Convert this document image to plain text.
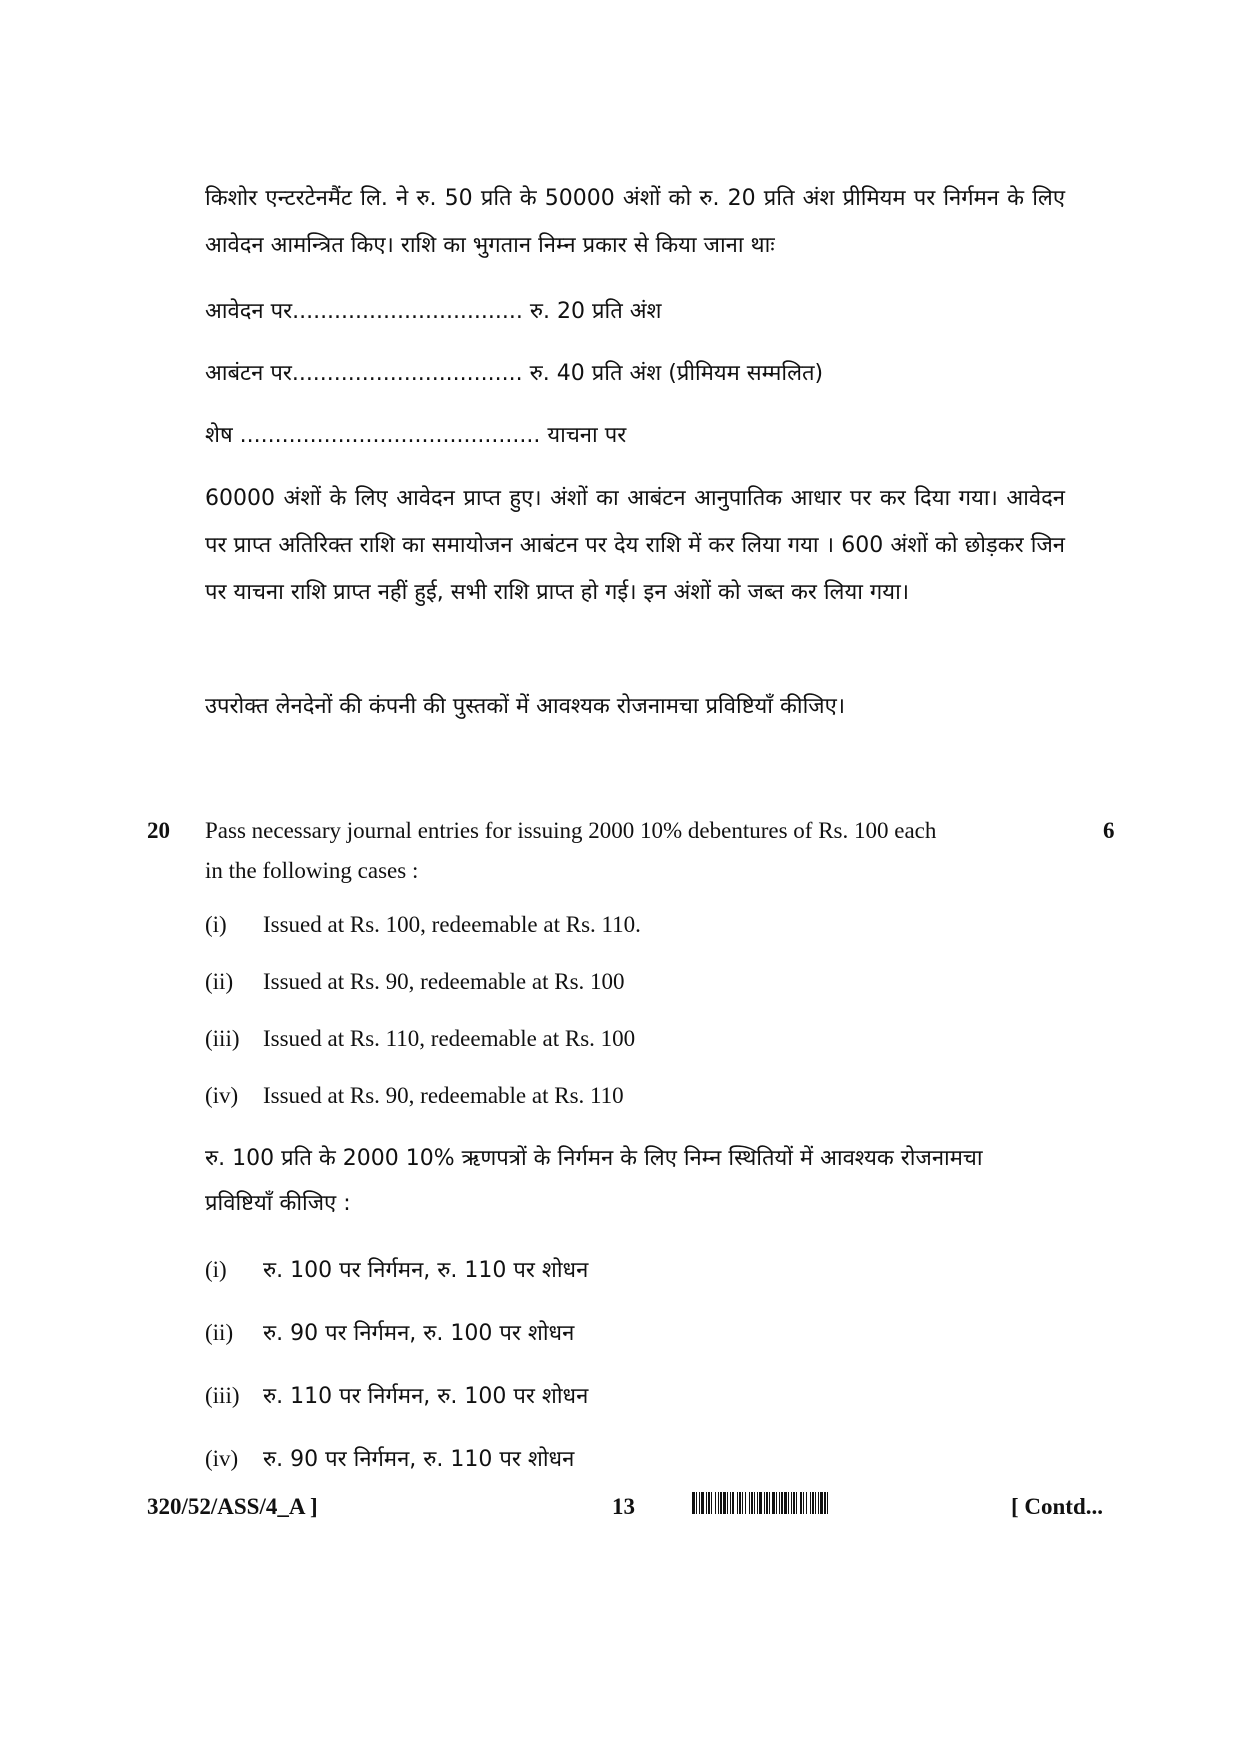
किशोर एन्टरटेनमैंट लि. ने रु. 50 प्रति के 50000 अंशों को रु. 20 प्रति अंश प्रीमियम पर निर्गमन के लिए आवेदन आमन्त्रित किए। राशि का भुगतान निम्न प्रकार से किया जाना थाः
आवेदन पर................................. रु. 20 प्रति अंश
आबंटन पर................................. रु. 40 प्रति अंश (प्रीमियम सम्मलित)
शेष ........................................... याचना पर
60000 अंशों के लिए आवेदन प्राप्त हुए। अंशों का आबंटन आनुपातिक आधार पर कर दिया गया। आवेदन पर प्राप्त अतिरिक्त राशि का समायोजन आबंटन पर देय राशि में कर लिया गया । 600 अंशों को छोड़कर जिन पर याचना राशि प्राप्त नहीं हुई, सभी राशि प्राप्त हो गई। इन अंशों को जब्त कर लिया गया।
उपरोक्त लेनदेनों की कंपनी की पुस्तकों में आवश्यक रोजनामचा प्रविष्टियाँ कीजिए।
20	6
Pass necessary journal entries for issuing 2000 10% debentures of Rs. 100 each
in the following cases :
(i) Issued at Rs. 100, redeemable at Rs. 110.
(ii) Issued at Rs. 90, redeemable at Rs. 100
(iii) Issued at Rs. 110, redeemable at Rs. 100
(iv) Issued at Rs. 90, redeemable at Rs. 110
रु. 100 प्रति के 2000 10% ऋणपत्रों के निर्गमन के लिए निम्न स्थितियों में आवश्यक रोजनामचा
प्रविष्टियाँ कीजिए :
(i) रु. 100 पर निर्गमन, रु. 110 पर शोधन
(ii) रु. 90 पर निर्गमन, रु. 100 पर शोधन
(iii) रु. 110 पर निर्गमन, रु. 100 पर शोधन
(iv) रु. 90 पर निर्गमन, रु. 110 पर शोधन
320/52/ASS/4_A ]	13	[ Contd...
